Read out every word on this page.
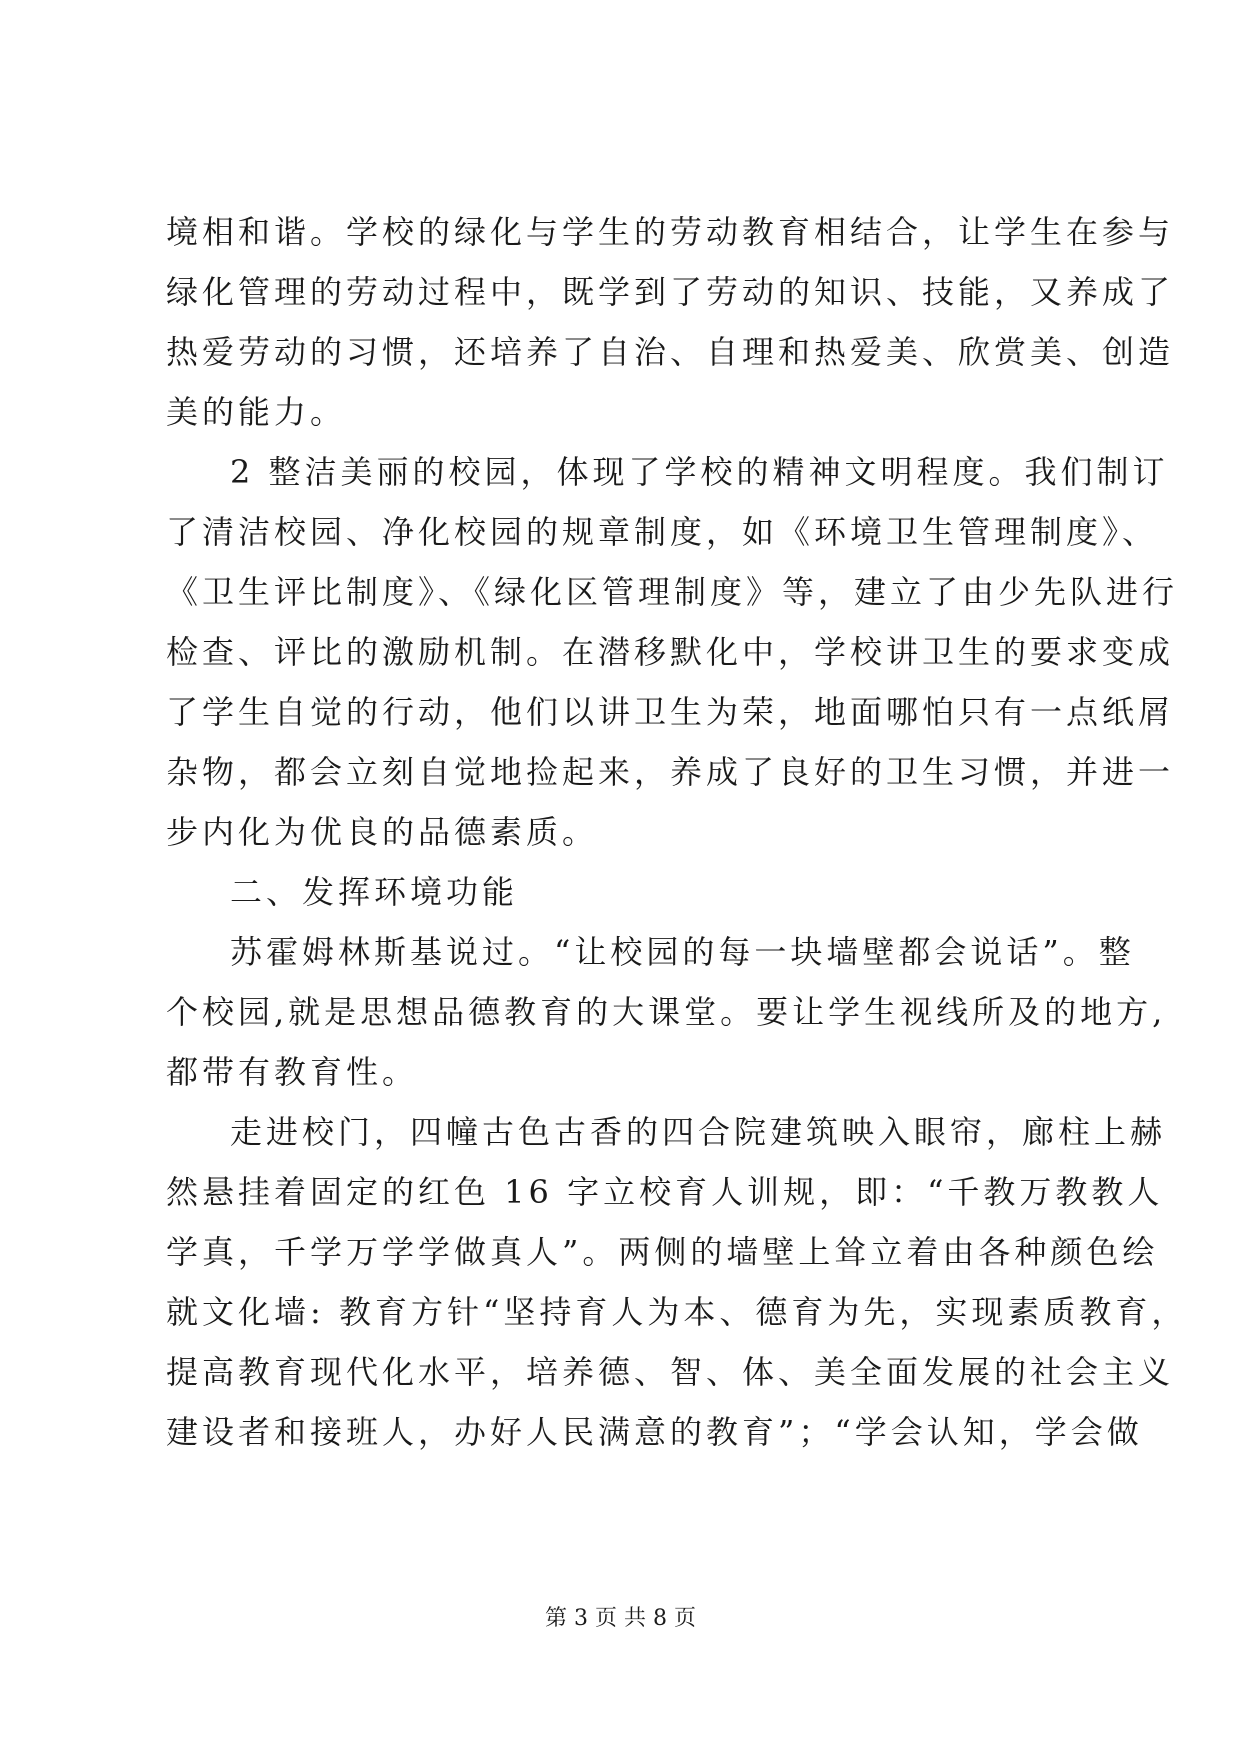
境相和谐。学校的绿化与学生的劳动教育相结合，让学生在参与
绿化管理的劳动过程中，既学到了劳动的知识、技能，又养成了
热爱劳动的习惯，还培养了自治、自理和热爱美、欣赏美、创造
美的能力。
2 整洁美丽的校园，体现了学校的精神文明程度。我们制订
了清洁校园、净化校园的规章制度，如《环境卫生管理制度》、
《卫生评比制度》、《绿化区管理制度》等，建立了由少先队进行
检查、评比的激励机制。在潜移默化中，学校讲卫生的要求变成
了学生自觉的行动，他们以讲卫生为荣，地面哪怕只有一点纸屑
杂物，都会立刻自觉地捡起来，养成了良好的卫生习惯，并进一
步内化为优良的品德素质。
二、发挥环境功能
苏霍姆林斯基说过。“让校园的每一块墙壁都会说话”。整
个校园,就是思想品德教育的大课堂。要让学生视线所及的地方,
都带有教育性。
走进校门，四幢古色古香的四合院建筑映入眼帘，廊柱上赫
然悬挂着固定的红色 16 字立校育人训规，即：“千教万教教人
学真，千学万学学做真人”。两侧的墙壁上耸立着由各种颜色绘
就文化墙: 教育方针“坚持育人为本、德育为先，实现素质教育，
提高教育现代化水平，培养德、智、体、美全面发展的社会主义
建设者和接班人，办好人民满意的教育”；“学会认知，学会做
第 3 页 共 8 页
